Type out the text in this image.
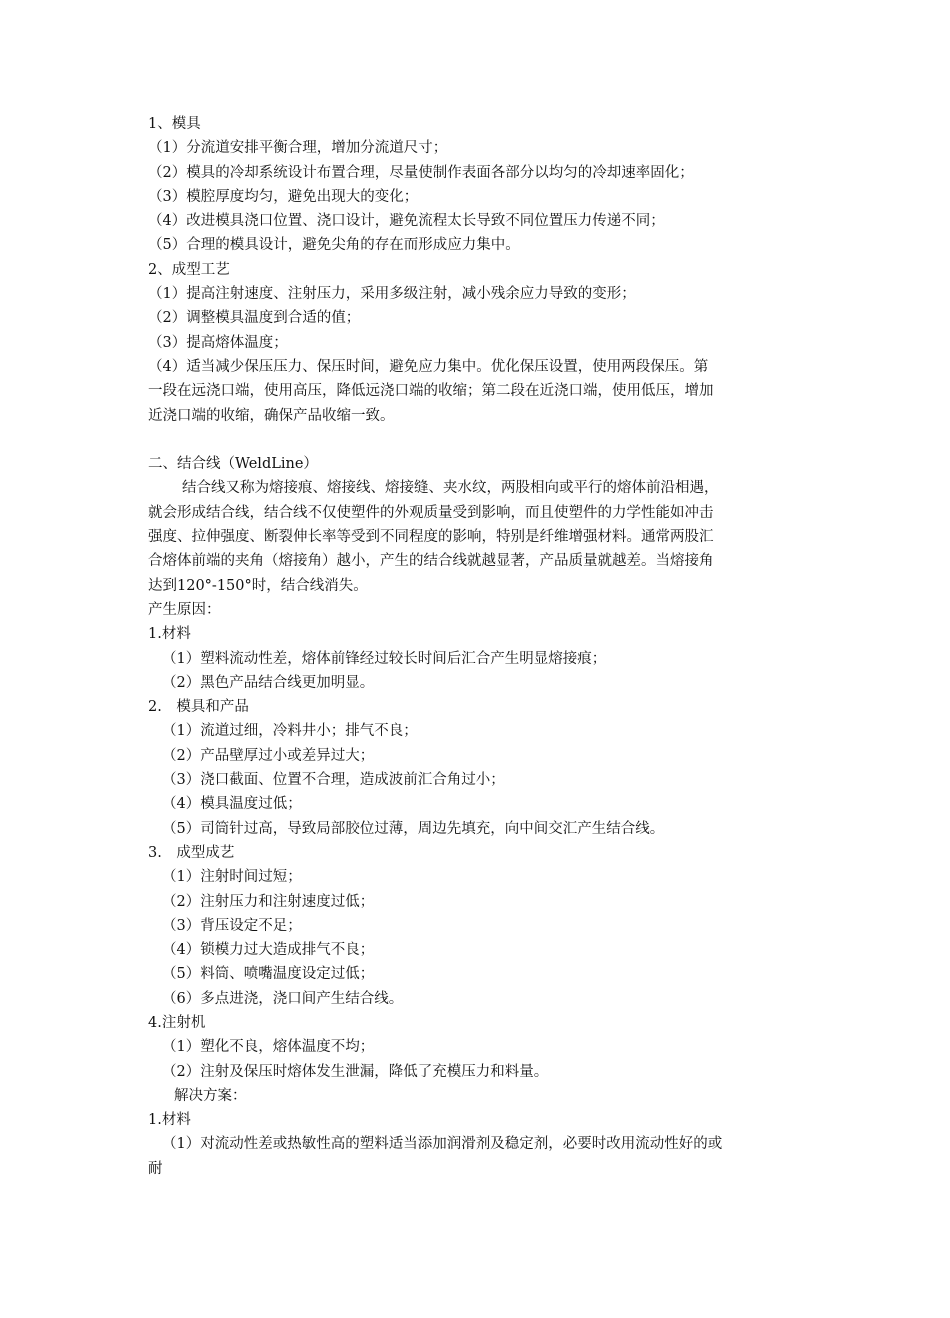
1、模具
（1）分流道安排平衡合理，增加分流道尺寸；
（2）模具的冷却系统设计布置合理，尽量使制作表面各部分以均匀的冷却速率固化；
（3）模腔厚度均匀，避免出现大的变化；
（4）改进模具浇口位置、浇口设计，避免流程太长导致不同位置压力传递不同；
（5）合理的模具设计，避免尖角的存在而形成应力集中。
2、成型工艺
（1）提高注射速度、注射压力，采用多级注射，减小残余应力导致的变形；
（2）调整模具温度到合适的值；
（3）提高熔体温度；
（4）适当减少保压压力、保压时间，避免应力集中。优化保压设置，使用两段保压。第
一段在远浇口端，使用高压，降低远浇口端的收缩；第二段在近浇口端，使用低压，增加
近浇口端的收缩，确保产品收缩一致。
二、结合线（WeldLine）
结合线又称为熔接痕、熔接线、熔接缝、夹水纹，两股相向或平行的熔体前沿相遇，
就会形成结合线，结合线不仅使塑件的外观质量受到影响，而且使塑件的力学性能如冲击
强度、拉伸强度、断裂伸长率等受到不同程度的影响，特别是纤维增强材料。通常两股汇
合熔体前端的夹角（熔接角）越小，产生的结合线就越显著，产品质量就越差。当熔接角
达到120°-150°时，结合线消失。
产生原因：
1.材料
（1）塑料流动性差，熔体前锋经过较长时间后汇合产生明显熔接痕；
（2）黑色产品结合线更加明显。
2.　模具和产品
（1）流道过细，冷料井小；排气不良；
（2）产品壁厚过小或差异过大；
（3）浇口截面、位置不合理，造成波前汇合角过小；
（4）模具温度过低；
（5）司筒针过高，导致局部胶位过薄，周边先填充，向中间交汇产生结合线。
3.　成型成艺
（1）注射时间过短；
（2）注射压力和注射速度过低；
（3）背压设定不足；
（4）锁模力过大造成排气不良；
（5）料筒、喷嘴温度设定过低；
（6）多点进浇，浇口间产生结合线。
4.注射机
（1）塑化不良，熔体温度不均；
（2）注射及保压时熔体发生泄漏，降低了充模压力和料量。
解决方案：
1.材料
（1）对流动性差或热敏性高的塑料适当添加润滑剂及稳定剂，必要时改用流动性好的或
耐
